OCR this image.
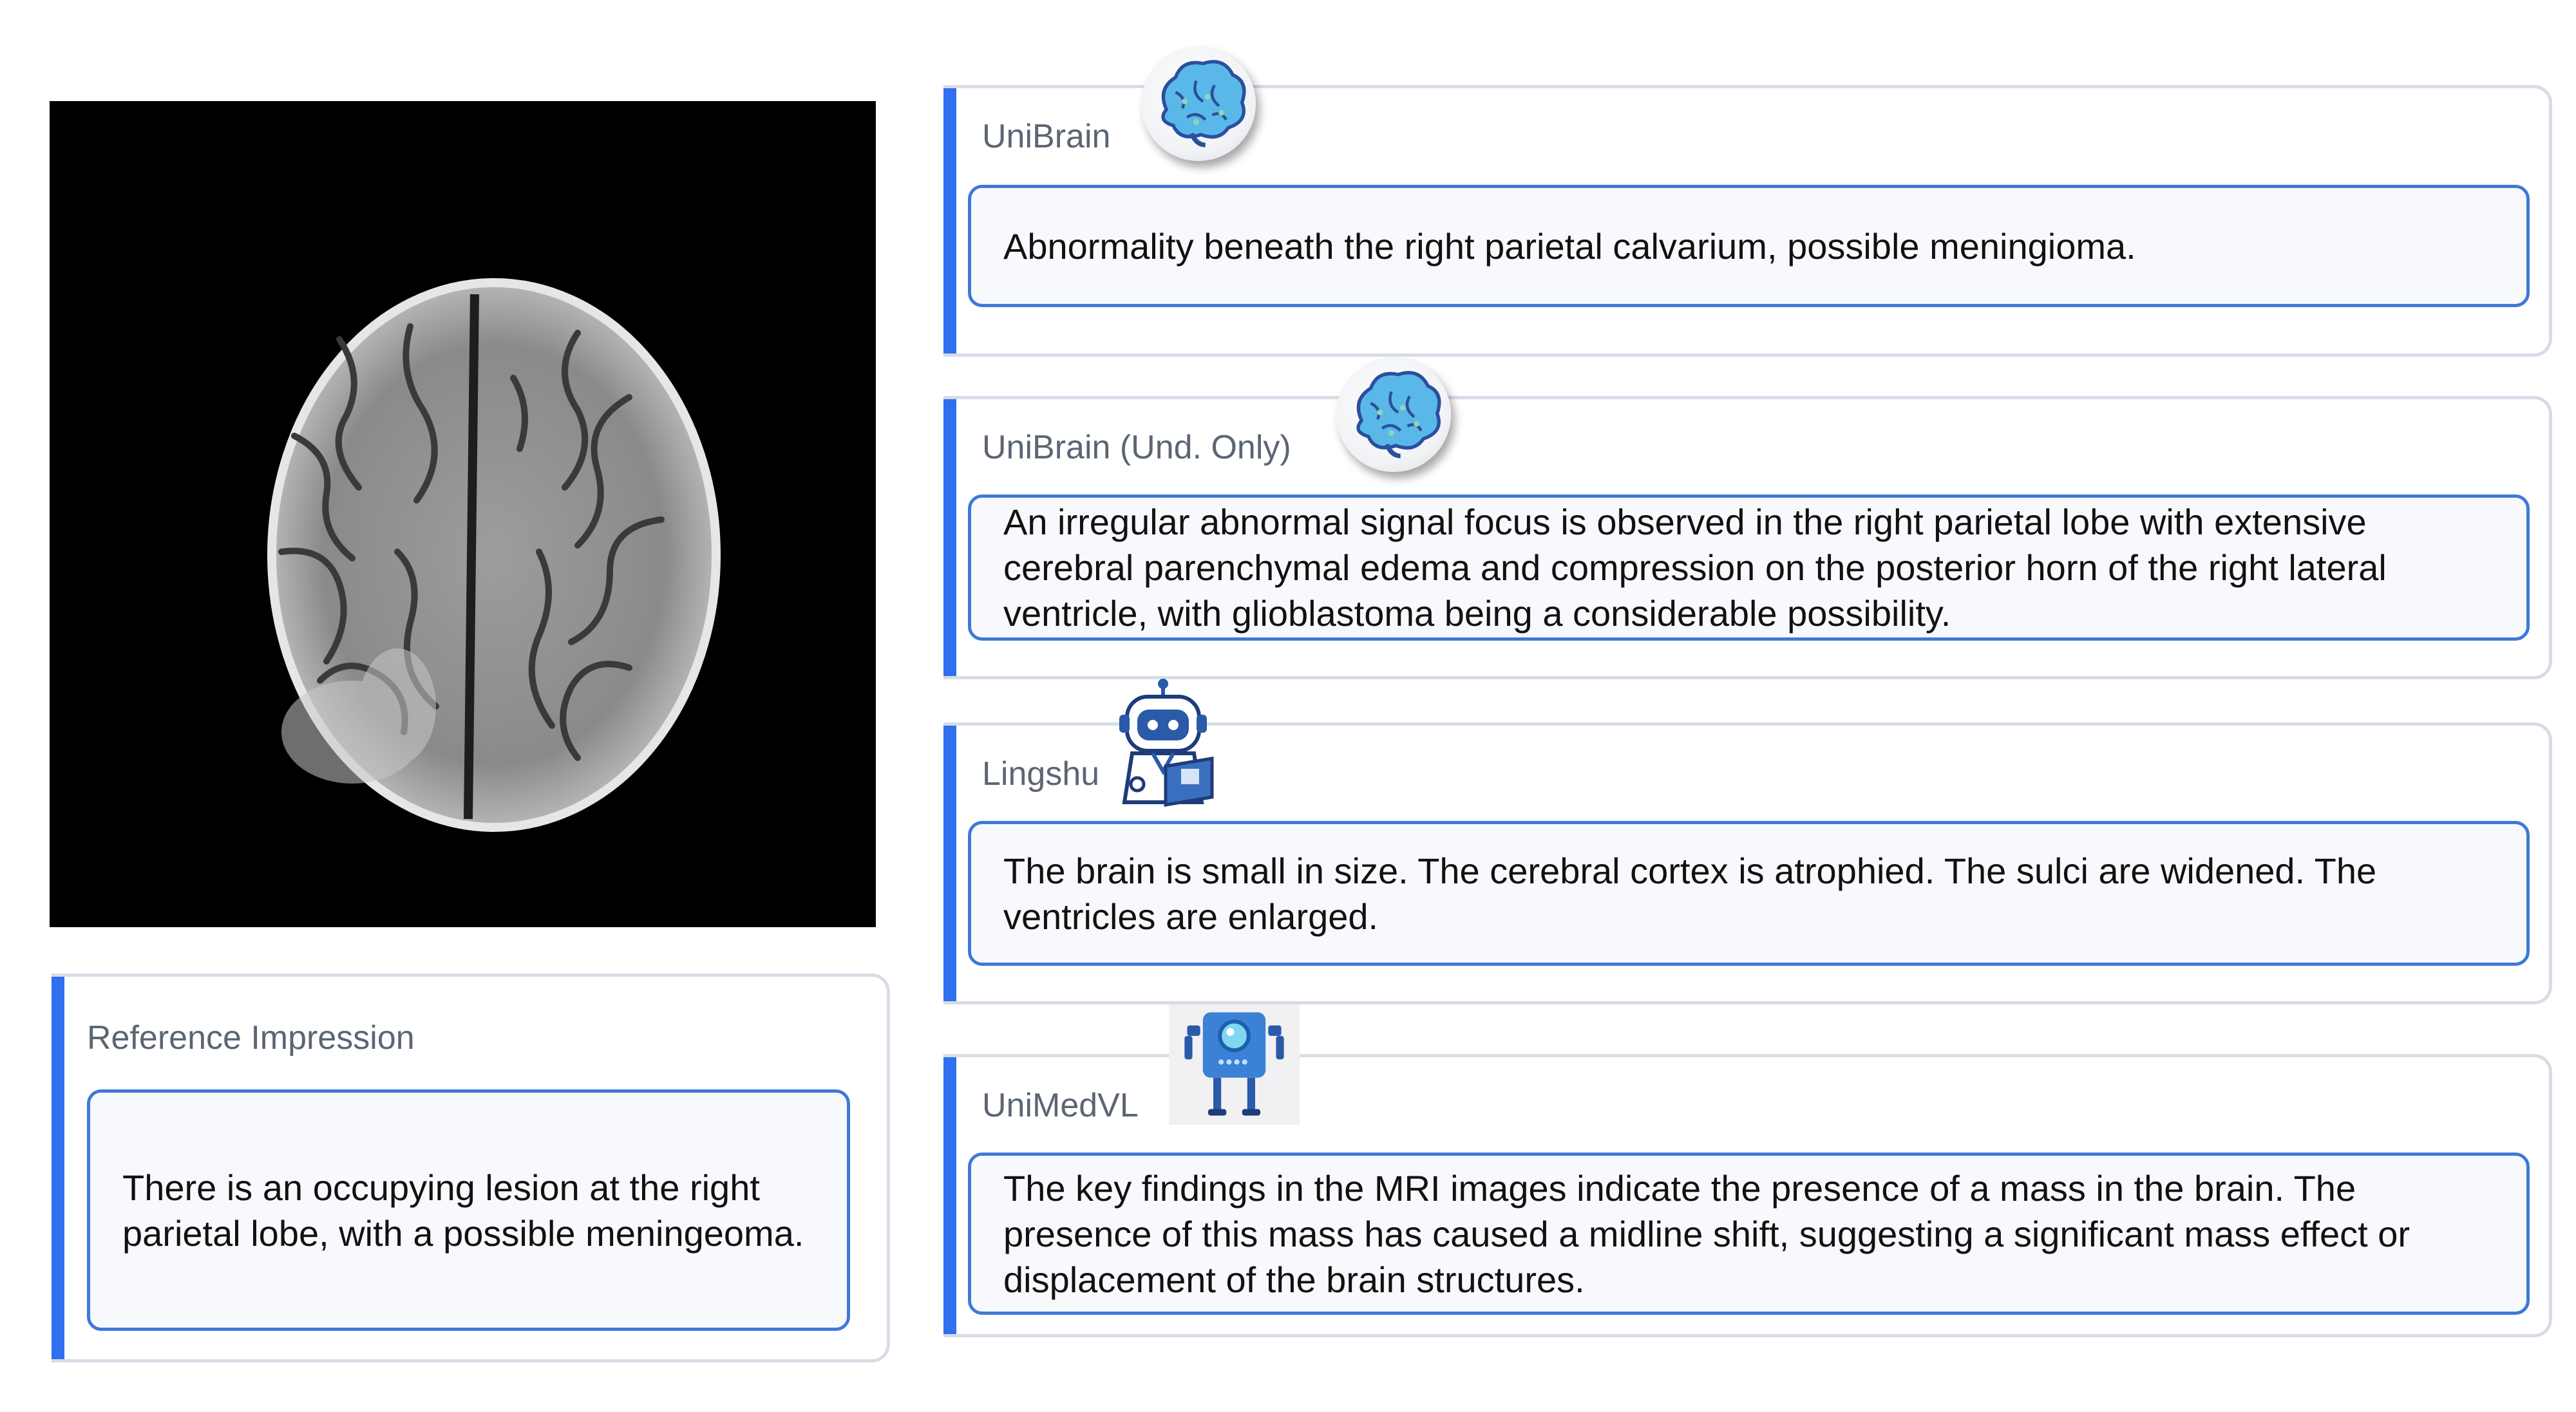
Reference Impression
There is an occupying lesion at the right parietal lobe, with a possible meningeoma.
UniBrain
Abnormality beneath the right parietal calvarium, possible meningioma.
UniBrain (Und. Only)
An irregular abnormal signal focus is observed in the right parietal lobe with extensive cerebral parenchymal edema and compression on the posterior horn of the right lateral ventricle, with glioblastoma being a considerable possibility.
Lingshu
The brain is small in size. The cerebral cortex is atrophied. The sulci are widened. The ventricles are enlarged.
UniMedVL
The key findings in the MRI images indicate the presence of a mass in the brain. The presence of this mass has caused a midline shift, suggesting a significant mass effect or displacement of the brain structures.
